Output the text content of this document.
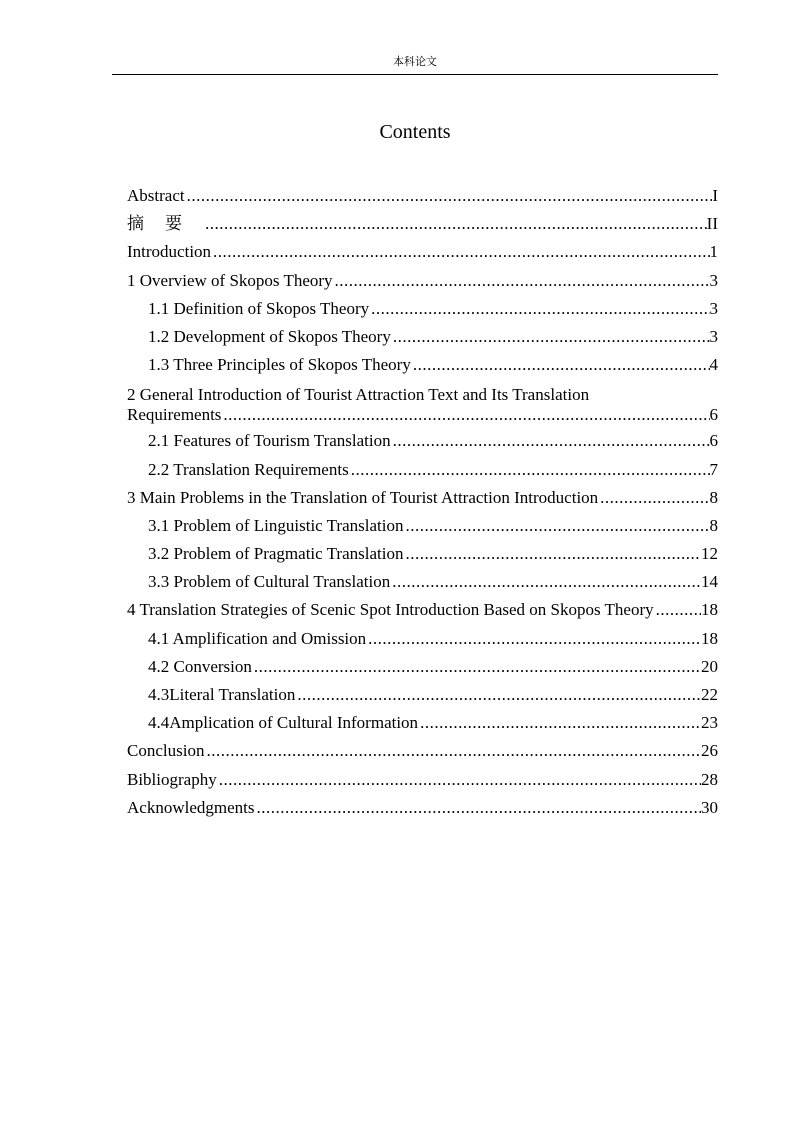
本科论文
Contents
Abstract .....	I
摘要 .....	II
Introduction .....	1
1 Overview of Skopos Theory .....	3
1.1 Definition of Skopos Theory .....	3
1.2 Development of Skopos Theory .....	3
1.3 Three Principles of Skopos Theory .....	4
2 General Introduction of Tourist Attraction Text and Its Translation
Requirements .....	6
2.1 Features of Tourism Translation .....	6
2.2 Translation Requirements .....	7
3 Main Problems in the Translation of Tourist Attraction Introduction .....	8
3.1 Problem of Linguistic Translation .....	8
3.2 Problem of Pragmatic Translation .....	12
3.3 Problem of Cultural Translation .....	14
4 Translation Strategies of Scenic Spot Introduction Based on Skopos Theory .....	18
4.1 Amplification and Omission .....	18
4.2 Conversion .....	20
4.3Literal Translation .....	22
4.4Amplication of Cultural Information .....	23
Conclusion .....	26
Bibliography .....	28
Acknowledgments .....	30
